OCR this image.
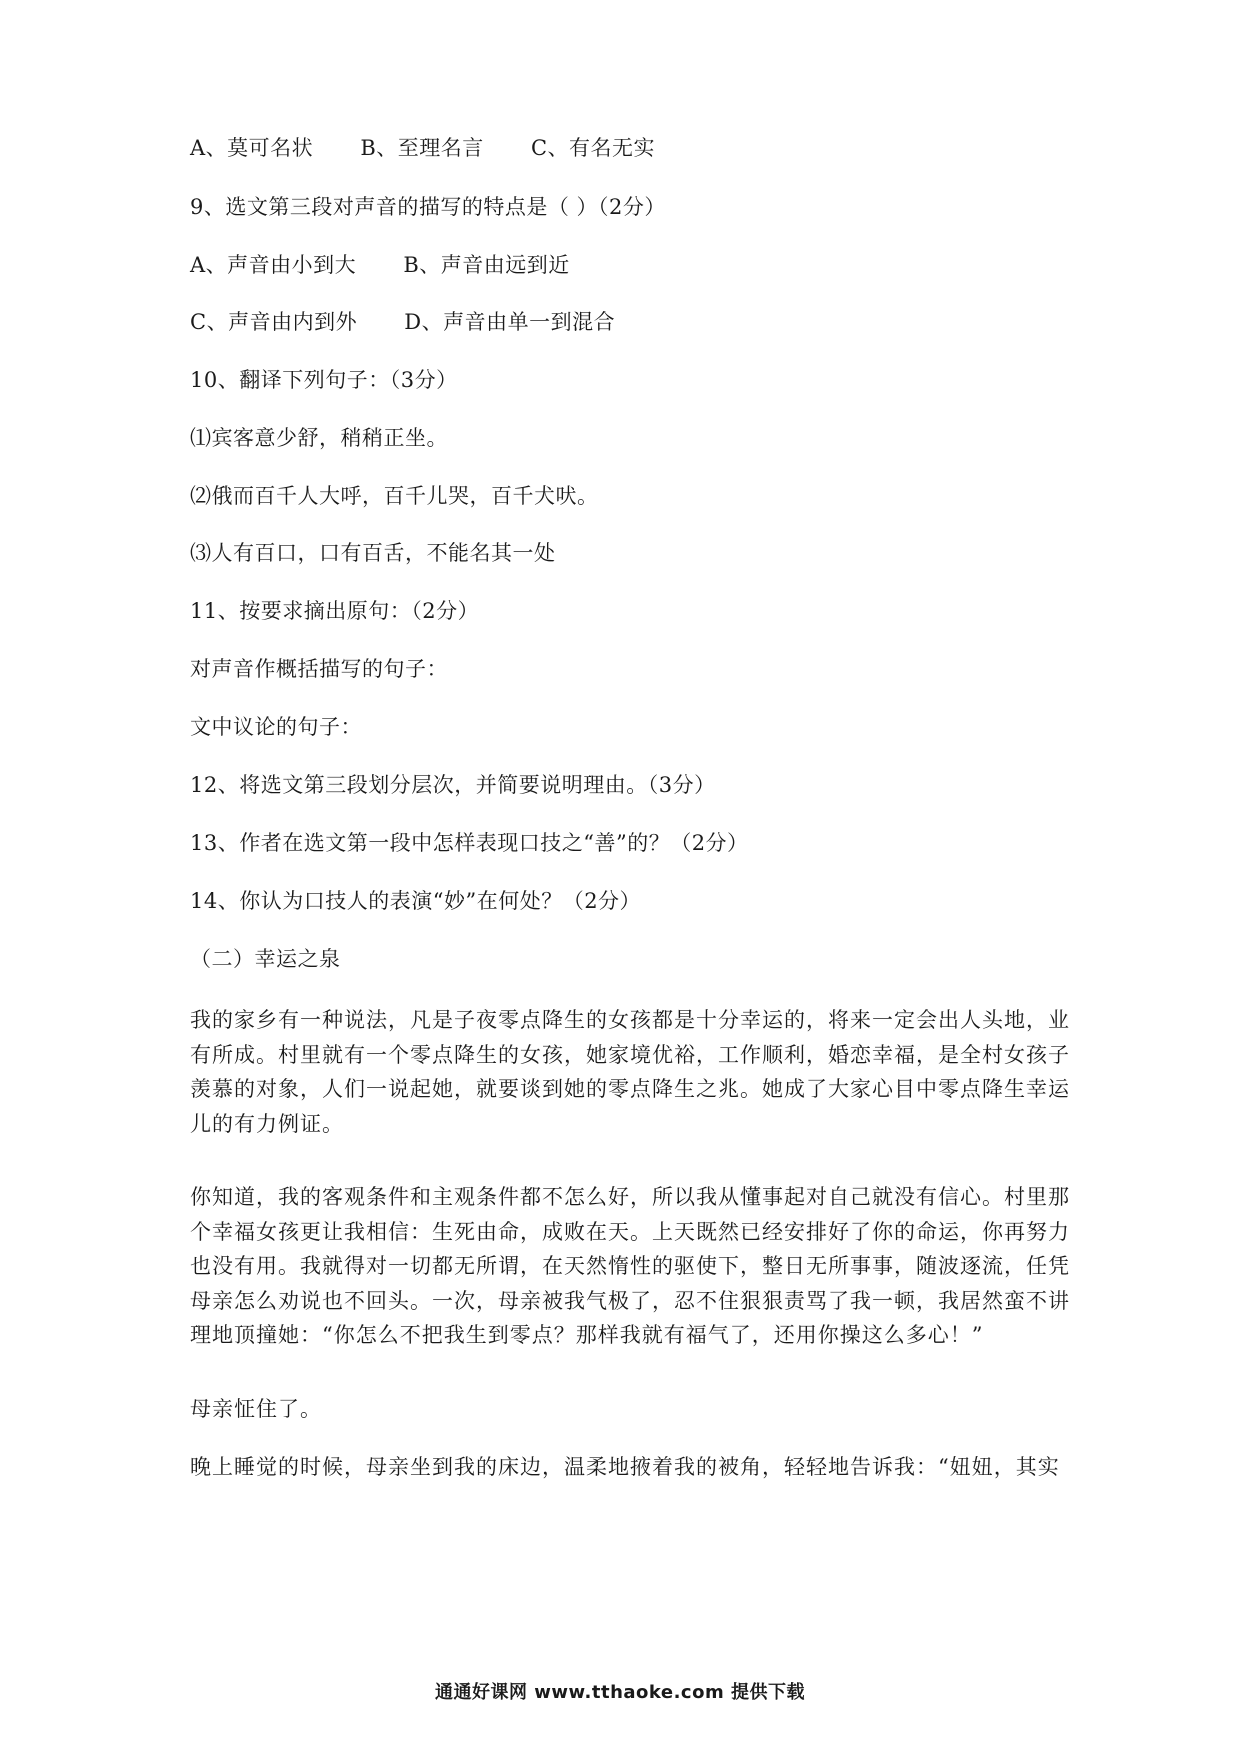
A、莫可名状 B、至理名言 C、有名无实
9、选文第三段对声音的描写的特点是（ ）（2分）
A、声音由小到大 B、声音由远到近
C、声音由内到外 D、声音由单一到混合
10、翻译下列句子：（3分）
⑴宾客意少舒，稍稍正坐。
⑵俄而百千人大呼，百千儿哭，百千犬吠。
⑶人有百口，口有百舌，不能名其一处
11、按要求摘出原句：（2分）
对声音作概括描写的句子：
文中议论的句子：
12、将选文第三段划分层次，并简要说明理由。（3分）
13、作者在选文第一段中怎样表现口技之“善”的？（2分）
14、你认为口技人的表演“妙”在何处？（2分）
（二）幸运之泉
我的家乡有一种说法，凡是子夜零点降生的女孩都是十分幸运的，将来一定会出人头地，业
有所成。村里就有一个零点降生的女孩，她家境优裕，工作顺利，婚恋幸福，是全村女孩子
羡慕的对象，人们一说起她，就要谈到她的零点降生之兆。她成了大家心目中零点降生幸运
儿的有力例证。
你知道，我的客观条件和主观条件都不怎么好，所以我从懂事起对自己就没有信心。村里那
个幸福女孩更让我相信：生死由命，成败在天。上天既然已经安排好了你的命运，你再努力
也没有用。我就得对一切都无所谓，在天然惰性的驱使下，整日无所事事，随波逐流，任凭
母亲怎么劝说也不回头。一次，母亲被我气极了，忍不住狠狠责骂了我一顿，我居然蛮不讲
理地顶撞她：“你怎么不把我生到零点？那样我就有福气了，还用你操这么多心！”
母亲怔住了。
晚上睡觉的时候，母亲坐到我的床边，温柔地掖着我的被角，轻轻地告诉我：“妞妞，其实
通通好课网 www.tthaoke.com 提供下载
